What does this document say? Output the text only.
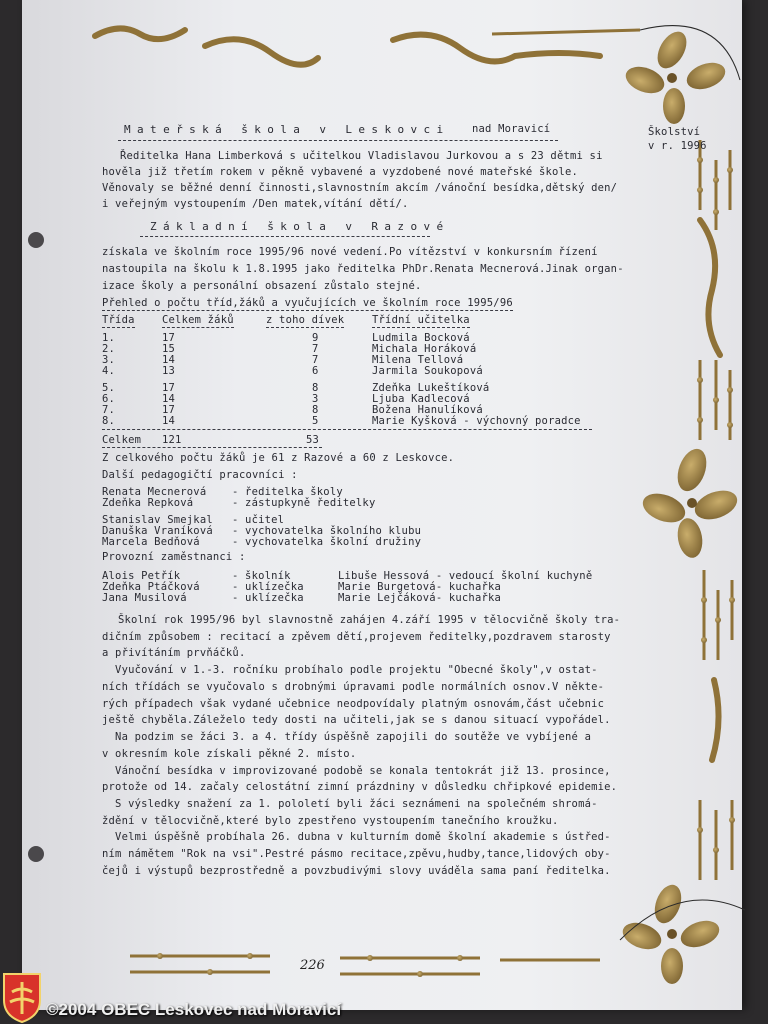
Mateřská škola v Leskovci nad Moravicí	Školství
v r. 1996
Ředitelka Hana Limberková s učitelkou Vladislavou Jurkovou a s 23 dětmi si
hověla již třetím rokem v pěkně vybavené a vyzdobené nové mateřské škole.
Věnovaly se běžné denní činnosti,slavnostním akcím /vánoční besídka,dětský den/
i veřejným vystoupením /Den matek,vítání dětí/.
Základní škola v Razové
získala ve školním roce 1995/96 nové vedení.Po vítězství v konkursním řízení
nastoupila na školu k 1.8.1995 jako ředitelka PhDr.Renata Mecnerová.Jinak organ-
izace školy a personální obsazení zůstalo stejné.
Přehled o počtu tříd,žáků a vyučujících ve školním roce 1995/96
Třída	Celkem žáků	z toho dívek	Třídní učitelka
1.	17	9	Ludmila Bocková
2.	15	7	Michala Horáková
3.	14	7	Milena Tellová
4.	13	6	Jarmila Soukopová
5.	17	8	Zdeňka Lukeštíková
6.	14	3	Ljuba Kadlecová
7.	17	8	Božena Hanulíková
8.	14	5	Marie Kyšková - výchovný poradce
Celkem 121	53
Z celkového počtu žáků je 61 z Razové a 60 z Leskovce.
Další pedagogičtí pracovníci :
Renata Mecnerová - ředitelka školy
Zdeňka Repková	- zástupkyně ředitelky
Stanislav Smejkal - učitel
Danuška Vraníková - vychovatelka školního klubu
Marcela Bedňová	- vychovatelka školní družiny
Provozní zaměstnanci :
Alois Petřík	- školník	Libuše Hessová - vedoucí školní kuchyně
Zdeňka Ptáčková	- uklízečka	Marie Burgetová- kuchařka
Jana Musilová	- uklízečka	Marie Lejčáková- kuchařka
Školní rok 1995/96 byl slavnostně zahájen 4.září 1995 v tělocvičně školy tra-
dičním způsobem : recitací a zpěvem dětí,projevem ředitelky,pozdravem starosty
a přivítáním prvňáčků.
Vyučování v 1.-3. ročníku probíhalo podle projektu "Obecné školy",v ostat-
ních třídách se vyučovalo s drobnými úpravami podle normálních osnov.V někte-
rých případech však vydané učebnice neodpovídaly platným osnovám,část učebnic
ještě chyběla.Záleželo tedy dosti na učiteli,jak se s danou situací vypořádel.
Na podzim se žáci 3. a 4. třídy úspěšně zapojili do soutěže ve vybíjené a
v okresním kole získali pěkné 2. místo.
Vánoční besídka v improvizované podobě se konala tentokrát již 13. prosince,
protože od 14. začaly celostátní zimní prázdniny v důsledku chřipkové epidemie.
S výsledky snažení za 1. pololetí byli žáci seznámeni na společném shromá-
ždění v tělocvičně,které bylo zpestřeno vystoupením tanečního kroužku.
Velmi úspěšně probíhala 26. dubna v kulturním domě školní akademie s ústřed-
ním námětem "Rok na vsi".Pestré pásmo recitace,zpěvu,hudby,tance,lidových oby-
čejů i výstupů bezprostředně a povzbudivými slovy uváděla sama paní ředitelka.
226
©2004 OBEC Leskovec nad Moravicí
